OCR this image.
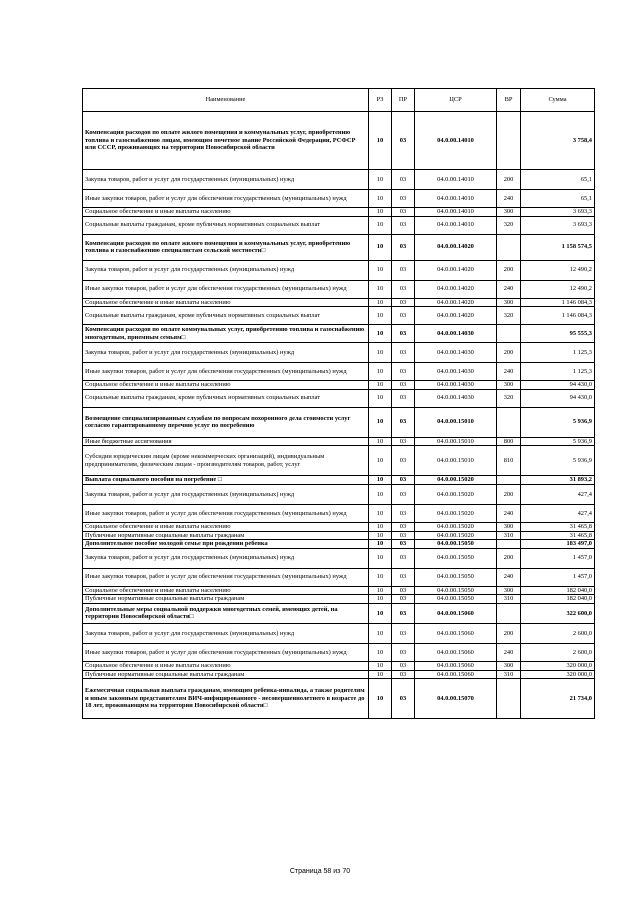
Наименование	РЗ	ПР	ЦСР	ВР	Сумма
Компенсация расходов по оплате жилого помещения и коммунальных услуг, приобретению топлива и газоснабжению лицам, имеющим почетное звание Российской Федерации, РСФСР или СССР, проживающих на территории Новосибирской области	10	03	04.0.00.14010		3 758,4
Закупка товаров, работ и услуг для государственных (муниципальных) нужд	10	03	04.0.00.14010	200	65,1
Иные закупки товаров, работ и услуг для обеспечения государственных (муниципальных) нужд	10	03	04.0.00.14010	240	65,1
Социальное обеспечение и иные выплаты населению	10	03	04.0.00.14010	300	3 693,3
Социальные выплаты гражданам, кроме публичных нормативных социальных выплат	10	03	04.0.00.14010	320	3 693,3
Компенсация расходов по оплате жилого помещения и коммунальных услуг, приобретению топлива и газоснабжению специалистам сельской местности□	10	03	04.0.00.14020		1 158 574,5
Закупка товаров, работ и услуг для государственных (муниципальных) нужд	10	03	04.0.00.14020	200	12 490,2
Иные закупки товаров, работ и услуг для обеспечения государственных (муниципальных) нужд	10	03	04.0.00.14020	240	12 490,2
Социальное обеспечение и иные выплаты населению	10	03	04.0.00.14020	300	1 146 084,3
Социальные выплаты гражданам, кроме публичных нормативных социальных выплат	10	03	04.0.00.14020	320	1 146 084,3
Компенсация расходов по оплате коммунальных услуг, приобретению топлива и газоснабжению многодетным, приемным семьям□	10	03	04.0.00.14030		95 555,3
Закупка товаров, работ и услуг для государственных (муниципальных) нужд	10	03	04.0.00.14030	200	1 125,3
Иные закупки товаров, работ и услуг для обеспечения государственных (муниципальных) нужд	10	03	04.0.00.14030	240	1 125,3
Социальное обеспечение и иные выплаты населению	10	03	04.0.00.14030	300	94 430,0
Социальные выплаты гражданам, кроме публичных нормативных социальных выплат	10	03	04.0.00.14030	320	94 430,0
Возмещение специализированным службам по вопросам похоронного дела стоимости услуг согласно гарантированному перечню услуг по погребению	10	03	04.0.00.15010		5 936,9
Иные бюджетные ассигнования	10	03	04.0.00.15010	800	5 936,9
Субсидии юридическим лицам (кроме некоммерческих организаций), индивидуальным предпринимателям, физическим лицам - производителям товаров, работ, услуг	10	03	04.0.00.15010	810	5 936,9
Выплата социального пособия на погребение □	10	03	04.0.00.15020		31 893,2
Закупка товаров, работ и услуг для государственных (муниципальных) нужд	10	03	04.0.00.15020	200	427,4
Иные закупки товаров, работ и услуг для обеспечения государственных (муниципальных) нужд	10	03	04.0.00.15020	240	427,4
Социальное обеспечение и иные выплаты населению	10	03	04.0.00.15020	300	31 465,8
Публичные нормативные социальные выплаты гражданам	10	03	04.0.00.15020	310	31 465,8
Дополнительное пособие молодой семье при рождении ребенка	10	03	04.0.00.15050		183 497,0
Закупка товаров, работ и услуг для государственных (муниципальных) нужд	10	03	04.0.00.15050	200	1 457,0
Иные закупки товаров, работ и услуг для обеспечения государственных (муниципальных) нужд	10	03	04.0.00.15050	240	1 457,0
Социальное обеспечение и иные выплаты населению	10	03	04.0.00.15050	300	182 040,0
Публичные нормативные социальные выплаты гражданам	10	03	04.0.00.15050	310	182 040,0
Дополнительные меры социальной поддержки многодетных семей, имеющих детей, на территории Новосибирской области□	10	03	04.0.00.15060		322 600,0
Закупка товаров, работ и услуг для государственных (муниципальных) нужд	10	03	04.0.00.15060	200	2 600,0
Иные закупки товаров, работ и услуг для обеспечения государственных (муниципальных) нужд	10	03	04.0.00.15060	240	2 600,0
Социальное обеспечение и иные выплаты населению	10	03	04.0.00.15060	300	320 000,0
Публичные нормативные социальные выплаты гражданам	10	03	04.0.00.15060	310	320 000,0
Ежемесячная социальная выплата гражданам, имеющим ребенка-инвалида, а также родителям и иным законным представителям ВИЧ-инфицированного - несовершеннолетнего в возрасте до 18 лет, проживающим на территории Новосибирской области□	10	03	04.0.00.15070		21 734,0
Страница 58 из 70
